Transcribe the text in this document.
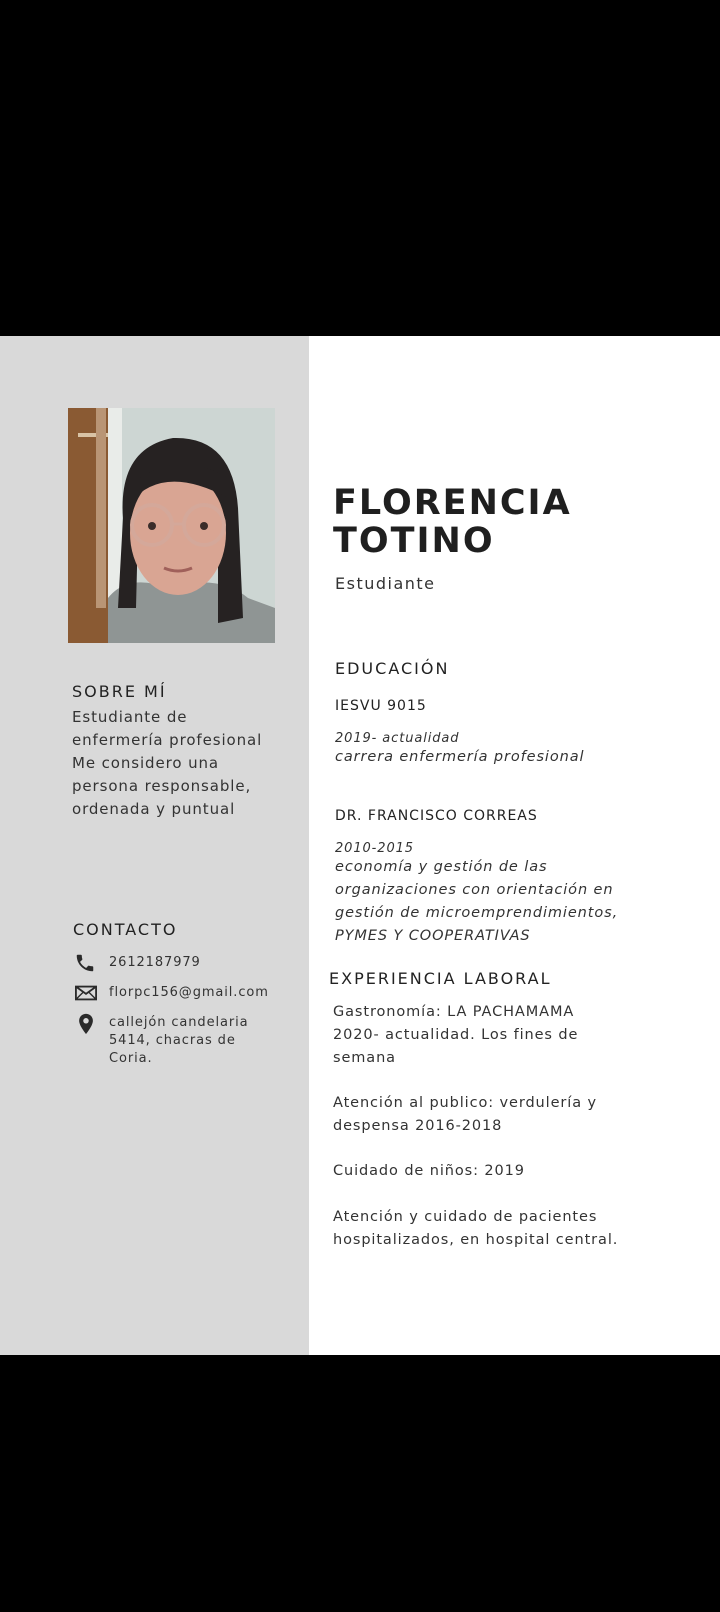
SOBRE MÍ
Estudiante de
enfermería profesional
Me considero una
persona responsable,
ordenada y puntual
CONTACTO
2612187979
florpc156@gmail.com
callejón candelaria
5414, chacras de
Coria.
FLORENCIA
TOTINO
Estudiante
EDUCACIÓN
IESVU 9015
2019- actualidad
carrera enfermería profesional
DR. FRANCISCO CORREAS
2010-2015
economía y gestión de las
organizaciones con orientación en
gestión de microemprendimientos,
PYMES Y COOPERATIVAS
EXPERIENCIA LABORAL
Gastronomía: LA PACHAMAMA
2020- actualidad. Los fines de
semana
Atención al publico: verdulería y
despensa 2016-2018
Cuidado de niños: 2019
Atención y cuidado de pacientes
hospitalizados, en hospital central.
